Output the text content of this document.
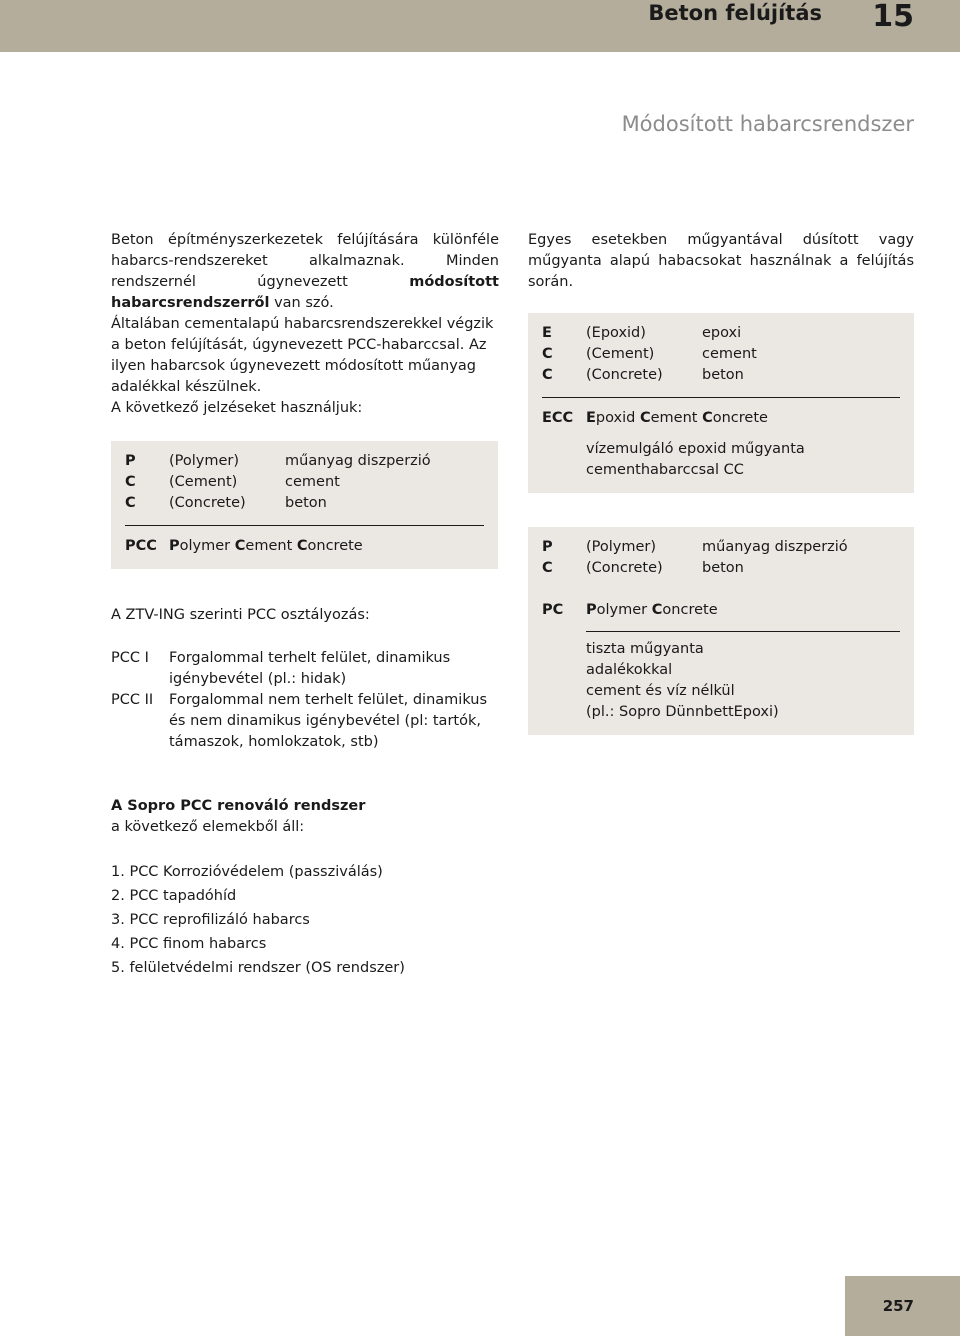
Beton felújítás 15
Módosított habarcsrendszer

Beton építményszerkezetek felújítására különféle habarcs-rendszereket alkalmaznak. Minden rendszernél úgynevezett	módosított habarcsrendszerről van szó.

Általában cementalapú habarcsrendszerekkel végzik a beton felújítását, úgynevezett PCC-habarccsal. Az ilyen habarcsok úgynevezett módosított műanyag adalékkal készülnek.

A következő jelzéseket használjuk:

P	(Polymer)	műanyag diszperzió
C	(Cement)	cement
C	(Concrete)	beton
PCC Polymer Cement Concrete

A ZTV-ING szerinti PCC osztályozás:

PCC I	Forgalommal terhelt felület, dinamikus igénybevétel (pl.: hidak)
PCC II	Forgalommal nem terhelt felület, dinamikus és nem dinamikus igénybevétel (pl: tartók, támaszok, homlokzatok, stb)

Egyes esetekben műgyantával dúsított vagy műgyanta alapú habacsokat használnak a felújítás során.

E	(Epoxid)	epoxi
C	(Cement)	cement
C	(Concrete)	beton
ECC Epoxid Cement Concrete
vízemulgáló epoxid műgyanta
cementhabarccsal CC
P	(Polymer)	műanyag diszperzió
C	(Concrete)	beton
PC	Polymer Concrete
tiszta műgyanta
adalékokkal
cement és víz nélkül
(pl.: Sopro DünnbettEpoxi)
A Sopro PCC renováló rendszer
a következő elemekből áll:
1. PCC Korrozióvédelem (passziválás)
2. PCC tapadóhíd
3. PCC reprofilizáló habarcs
4. PCC finom habarcs
5. felületvédelmi rendszer (OS rendszer)
257
